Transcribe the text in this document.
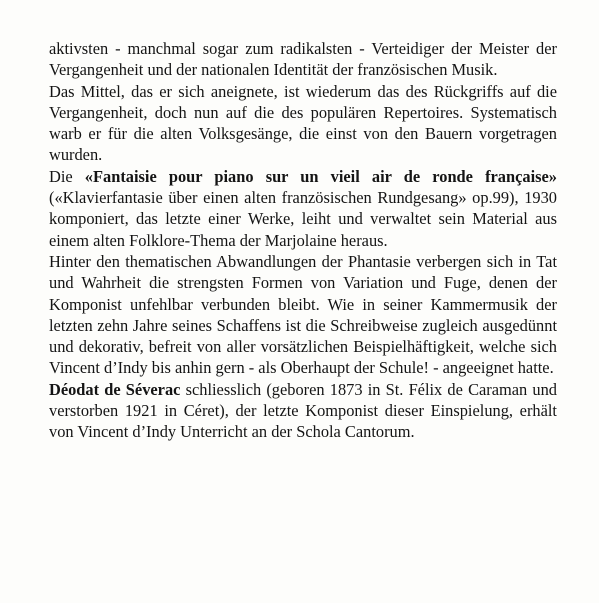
aktivsten - manchmal sogar zum radikalsten - Verteidiger der Meister der Vergangenheit und der nationalen Identität der französischen Musik.

Das Mittel, das er sich aneignete, ist wiederum das des Rückgriffs auf die Vergangenheit, doch nun auf die des populären Repertoires. Systematisch warb er für die alten Volksgesänge, die einst von den Bauern vorgetragen wurden.

Die «Fantaisie pour piano sur un vieil air de ronde française» («Klavierfantasie über einen alten französischen Rundgesang» op.99), 1930 komponiert, das letzte einer Werke, leiht und verwaltet sein Material aus einem alten Folklore-Thema der Marjolaine heraus.

Hinter den thematischen Abwandlungen der Phantasie verbergen sich in Tat und Wahrheit die strengsten Formen von Variation und Fuge, denen der Komponist unfehlbar verbunden bleibt. Wie in seiner Kammermusik der letzten zehn Jahre seines Schaffens ist die Schreibweise zugleich ausgedünnt und dekorativ, befreit von aller vorsätzlichen Beispielhäftigkeit, welche sich Vincent d’Indy bis anhin gern - als Oberhaupt der Schule! - angeeignet hatte.

Déodat de Séverac schliesslich (geboren 1873 in St. Félix de Caraman und verstorben 1921 in Céret), der letzte Komponist dieser Einspielung, erhält von Vincent d’Indy Unterricht an der Schola Cantorum.
